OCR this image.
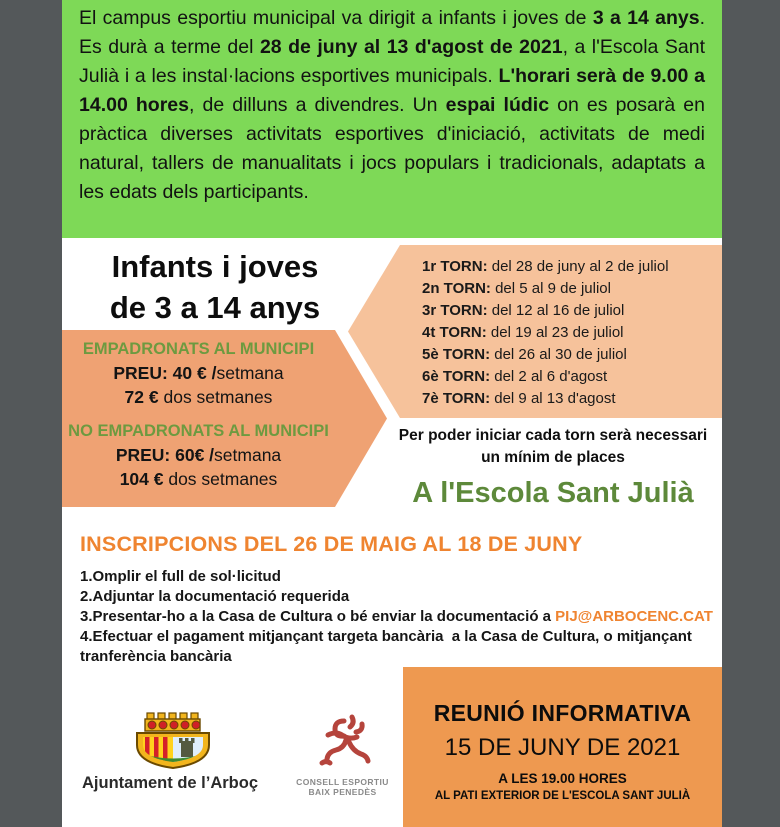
El campus esportiu municipal va dirigit a infants i joves de 3 a 14 anys. Es durà a terme del 28 de juny al 13 d'agost de 2021, a l'Escola Sant Julià i a les instal·lacions esportives municipals. L'horari serà de 9.00 a 14.00 hores, de dilluns a divendres. Un espai lúdic on es posarà en pràctica diverses activitats esportives d'iniciació, activitats de medi natural, tallers de manualitats i jocs populars i tradicionals, adaptats a les edats dels participants.

1r TORN: del 28 de juny al 2 de juliol
2n TORN: del 5 al 9 de juliol
3r TORN: del 12 al 16 de juliol
4t TORN: del 19 al 23 de juliol
5è TORN: del 26 al 30 de juliol
6è TORN: del 2 al 6 d'agost
7è TORN: del 9 al 13 d'agost
Infants i joves
de 3 a 14 anys
EMPADRONATS AL MUNICIPI
PREU: 40 € /setmana
72 € dos setmanes
NO EMPADRONATS AL MUNICIPI
PREU: 60€ /setmana
104 € dos setmanes
Per poder iniciar cada torn serà necessari
un mínim de places
A l'Escola Sant Julià
INSCRIPCIONS DEL 26 DE MAIG AL 18 DE JUNY
1.Omplir el full de sol·licitud
2.Adjuntar la documentació requerida
3.Presentar-ho a la Casa de Cultura o bé enviar la documentació a PIJ@ARBOCENC.CAT
4.Efectuar el pagament mitjançant targeta bancària  a la Casa de Cultura, o mitjançant tranferència bancària
Ajuntament de l’Arboç	CONSELL ESPORTIU
BAIX PENEDÈS
REUNIÓ INFORMATIVA
15 DE JUNY DE 2021
A LES 19.00 HORES
AL PATI EXTERIOR DE L'ESCOLA SANT JULIÀ
